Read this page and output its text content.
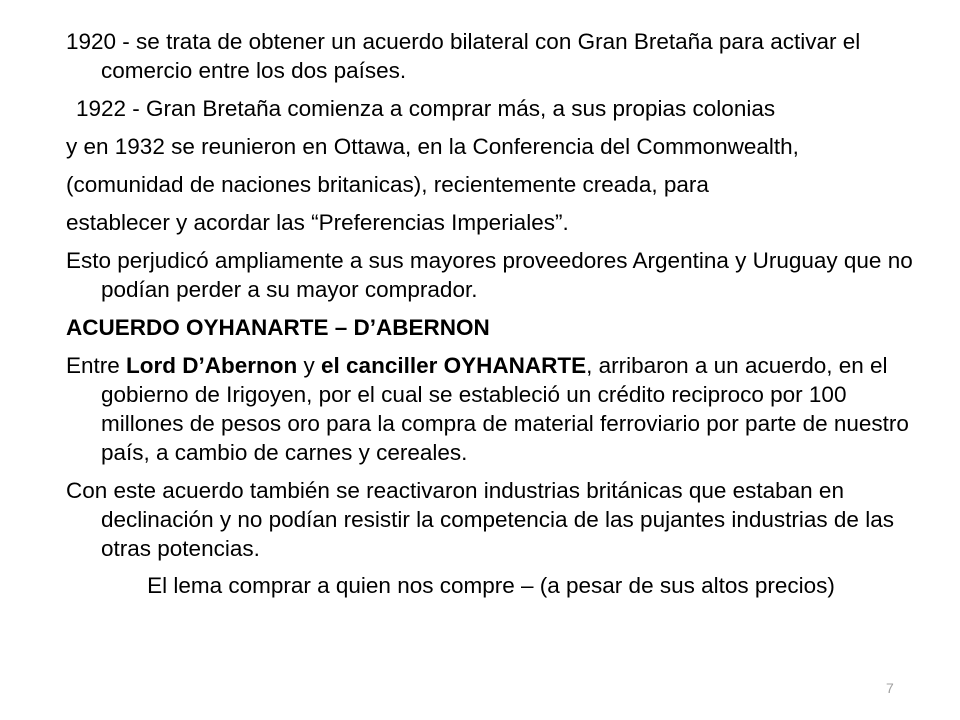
1920 - se trata de obtener un acuerdo bilateral con Gran Bretaña para activar el comercio entre los dos países.

1922 - Gran Bretaña comienza a comprar más, a sus propias colonias

y en 1932 se reunieron en Ottawa, en la Conferencia del Commonwealth,

(comunidad de naciones britanicas), recientemente creada, para

establecer y acordar las “Preferencias Imperiales”.

Esto perjudicó ampliamente a sus mayores proveedores Argentina y Uruguay que no podían perder a su mayor comprador.

ACUERDO OYHANARTE – D’ABERNON

Entre Lord D’Abernon y el canciller OYHANARTE, arribaron a un acuerdo, en el gobierno de Irigoyen, por el cual se estableció un crédito reciproco por 100 millones de pesos oro para la compra de material ferroviario por parte de nuestro país, a cambio de carnes y cereales.

Con este acuerdo también se reactivaron industrias británicas que estaban en declinación y no podían resistir la competencia de las pujantes industrias de las otras potencias.

El lema comprar a quien nos compre – (a pesar de sus altos precios)

7
